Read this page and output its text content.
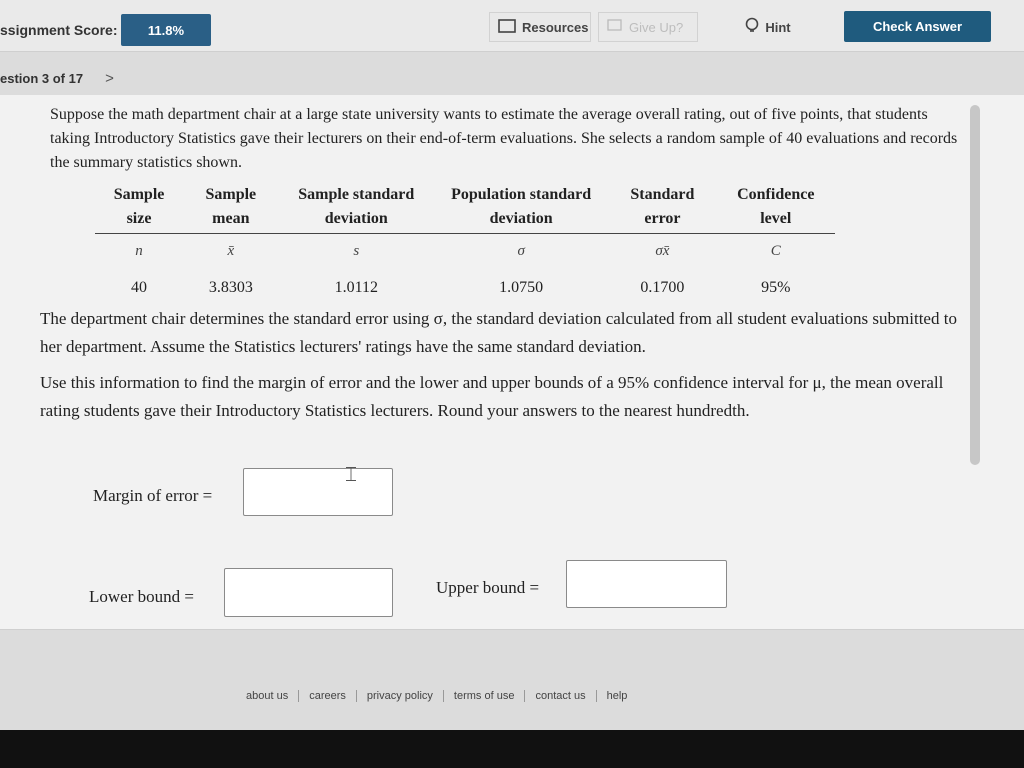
ssignment Score:	11.8%	Resources	Give Up?	Hint	Check Answer
estion 3 of 17 >
Suppose the math department chair at a large state university wants to estimate the average overall rating, out of five points, that students taking Introductory Statistics gave their lecturers on their end-of-term evaluations. She selects a random sample of 40 evaluations and records the summary statistics shown.
Sample size	Sample mean	Sample standard deviation	Population standard deviation	Standard error	Confidence level
n	x̄	s	σ	σx̄	C
40	3.8303	1.0112	1.0750	0.1700	95%
The department chair determines the standard error using σ, the standard deviation calculated from all student evaluations submitted to her department. Assume the Statistics lecturers' ratings have the same standard deviation.
Use this information to find the margin of error and the lower and upper bounds of a 95% confidence interval for μ, the mean overall rating students gave their Introductory Statistics lecturers. Round your answers to the nearest hundredth.
Margin of error =
Lower bound =	Upper bound =
⌶
about us	careers	privacy policy	terms of use	contact us	help
